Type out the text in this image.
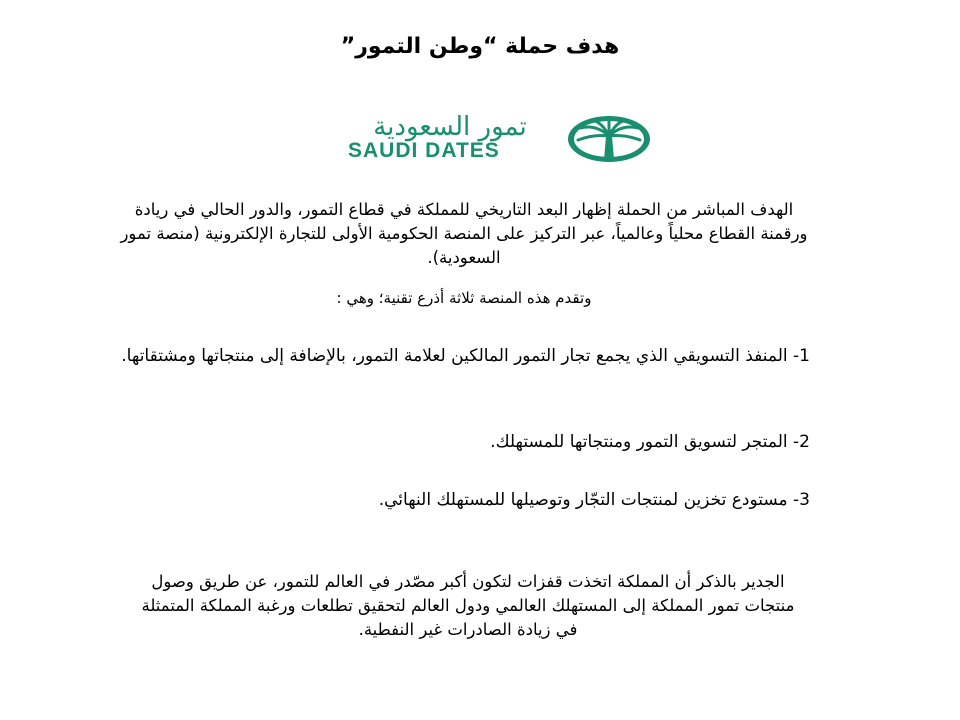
هدف حملة “وطن التمور”
تمور السعودية
SAUDI DATES

الهدف المباشر من الحملة إظهار البعد التاريخي للمملكة في قطاع التمور، والدور الحالي في ريادة ورقمنة القطاع محلياً وعالمياً، عبر التركيز على المنصة الحكومية الأولى للتجارة الإلكترونية (منصة تمور السعودية).

وتقدم هذه المنصة ثلاثة أذرع تقنية؛ وهي :

1- المنفذ التسويقي الذي يجمع تجار التمور المالكين لعلامة التمور، بالإضافة إلى منتجاتها ومشتقاتها.

2- المتجر لتسويق التمور ومنتجاتها للمستهلك.

3- مستودع تخزين لمنتجات التجّار وتوصيلها للمستهلك النهائي.

الجدير بالذكر أن المملكة اتخذت قفزات لتكون أكبر مصّدر في العالم للتمور، عن طريق وصول منتجات تمور المملكة إلى المستهلك العالمي ودول العالم لتحقيق تطلعات ورغبة المملكة المتمثلة في زيادة الصادرات غير النفطية.
